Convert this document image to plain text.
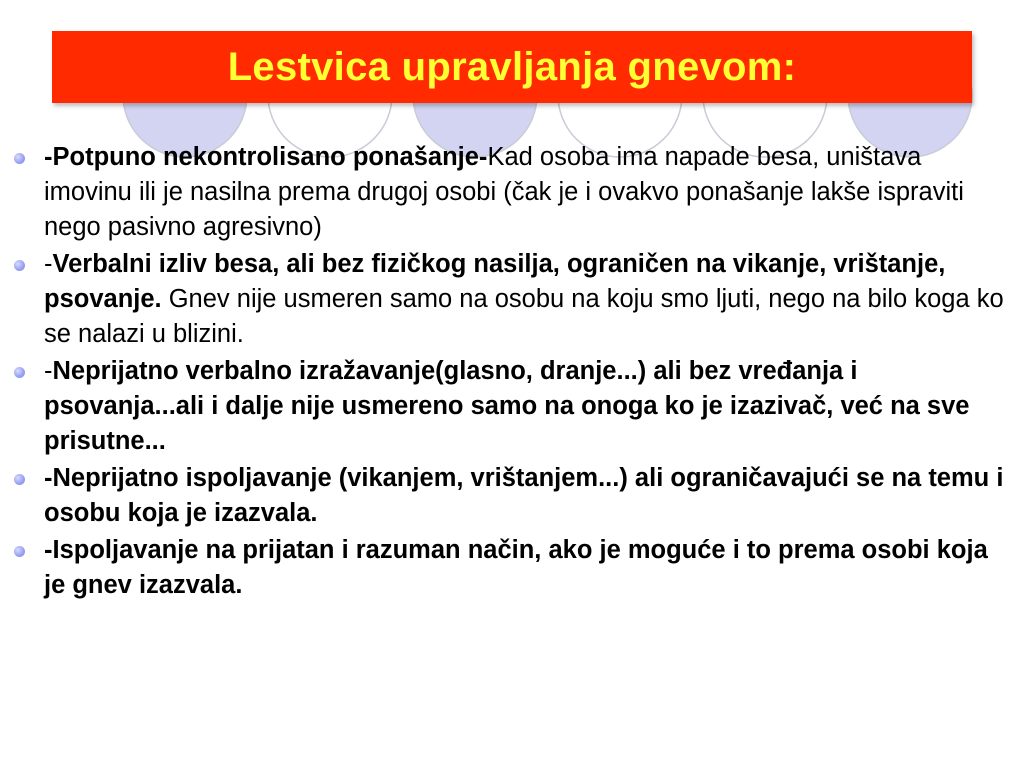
Lestvica upravljanja gnevom:
-Potpuno nekontrolisano ponašanje-Kad osoba ima napade besa, uništava imovinu ili je nasilna prema drugoj osobi (čak je i ovakvo ponašanje lakše ispraviti nego pasivno agresivno)
-Verbalni izliv besa, ali bez fizičkog nasilja, ograničen na vikanje, vrištanje, psovanje. Gnev nije usmeren samo na osobu na koju smo ljuti, nego na bilo koga ko se nalazi u blizini.
-Neprijatno verbalno izražavanje(glasno, dranje...) ali bez vređanja i psovanja...ali i dalje nije usmereno samo na onoga ko je izazivač, već na sve prisutne...
-Neprijatno ispoljavanje (vikanjem, vrištanjem...) ali ograničavajući se na temu i osobu koja je izazvala.
-Ispoljavanje na prijatan i razuman način, ako je moguće i to prema osobi koja je gnev izazvala.
